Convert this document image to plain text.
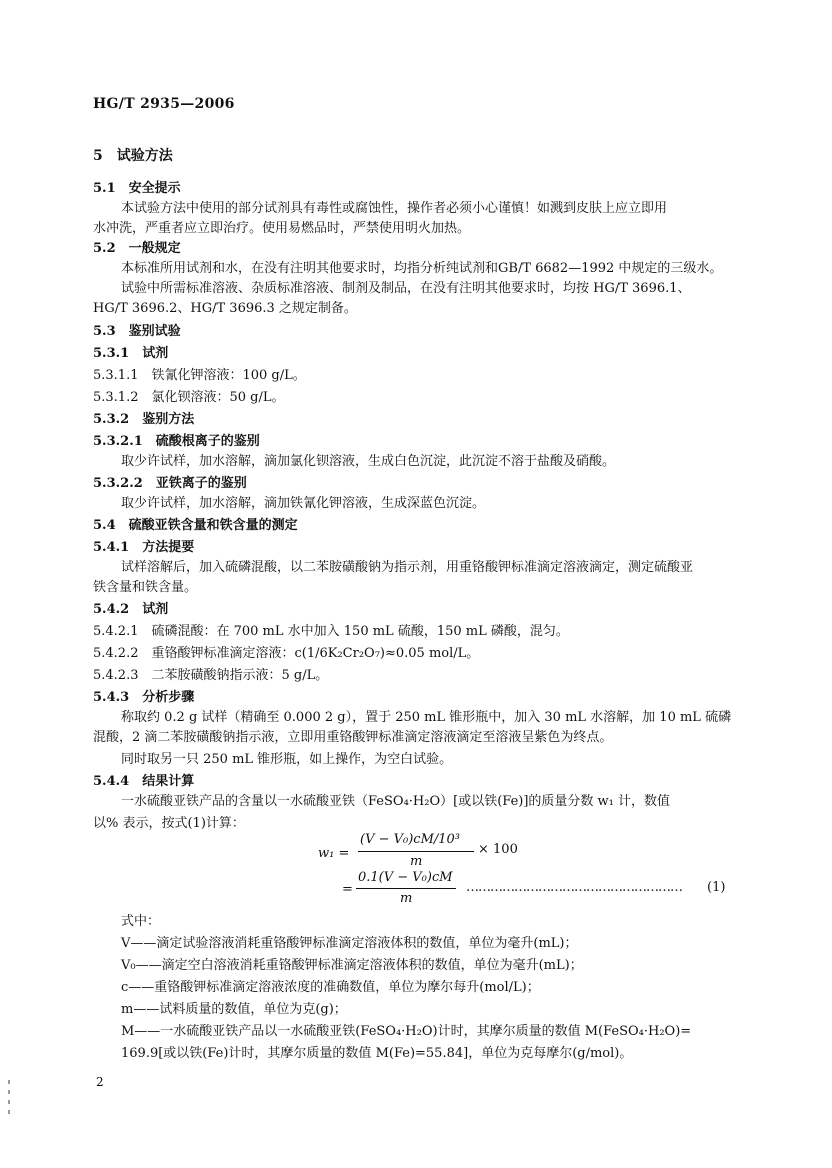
HG/T 2935—2006
5　试验方法
5.1　安全提示
本试验方法中使用的部分试剂具有毒性或腐蚀性，操作者必须小心谨慎！如溅到皮肤上应立即用
水冲洗，严重者应立即治疗。使用易燃品时，严禁使用明火加热。
5.2　一般规定
本标准所用试剂和水，在没有注明其他要求时，均指分析纯试剂和GB/T 6682—1992 中规定的三级水。
试验中所需标准溶液、杂质标准溶液、制剂及制品，在没有注明其他要求时，均按 HG/T 3696.1、
HG/T 3696.2、HG/T 3696.3 之规定制备。
5.3　鉴别试验
5.3.1　试剂
5.3.1.1　铁氰化钾溶液：100 g/L。
5.3.1.2　氯化钡溶液：50 g/L。
5.3.2　鉴别方法
5.3.2.1　硫酸根离子的鉴别
取少许试样，加水溶解，滴加氯化钡溶液，生成白色沉淀，此沉淀不溶于盐酸及硝酸。
5.3.2.2　亚铁离子的鉴别
取少许试样，加水溶解，滴加铁氰化钾溶液，生成深蓝色沉淀。
5.4　硫酸亚铁含量和铁含量的测定
5.4.1　方法提要
试样溶解后，加入硫磷混酸，以二苯胺磺酸钠为指示剂，用重铬酸钾标准滴定溶液滴定，测定硫酸亚
铁含量和铁含量。
5.4.2　试剂
5.4.2.1　硫磷混酸：在 700 mL 水中加入 150 mL 硫酸，150 mL 磷酸，混匀。
5.4.2.2　重铬酸钾标准滴定溶液：c(1/6K₂Cr₂O₇)≈0.05 mol/L。
5.4.2.3　二苯胺磺酸钠指示液：5 g/L。
5.4.3　分析步骤
称取约 0.2 g 试样（精确至 0.000 2 g），置于 250 mL 锥形瓶中，加入 30 mL 水溶解，加 10 mL 硫磷
混酸，2 滴二苯胺磺酸钠指示液，立即用重铬酸钾标准滴定溶液滴定至溶液呈紫色为终点。
同时取另一只 250 mL 锥形瓶，如上操作，为空白试验。
5.4.4　结果计算
一水硫酸亚铁产品的含量以一水硫酸亚铁（FeSO₄·H₂O）[或以铁(Fe)]的质量分数 w₁ 计，数值
以% 表示，按式(1)计算：
式中：
V——滴定试验溶液消耗重铬酸钾标准滴定溶液体积的数值，单位为毫升(mL)；
V₀——滴定空白溶液消耗重铬酸钾标准滴定溶液体积的数值，单位为毫升(mL)；
c——重铬酸钾标准滴定溶液浓度的准确数值，单位为摩尔每升(mol/L)；
m——试料质量的数值，单位为克(g)；
M——一水硫酸亚铁产品以一水硫酸亚铁(FeSO₄·H₂O)计时，其摩尔质量的数值 M(FeSO₄·H₂O)=
169.9[或以铁(Fe)计时，其摩尔质量的数值 M(Fe)=55.84]，单位为克每摩尔(g/mol)。
w₁ =
(V − V₀)cM/10³
m
× 100
=
0.1(V − V₀)cM
m
……………………………………………… (1)
2
